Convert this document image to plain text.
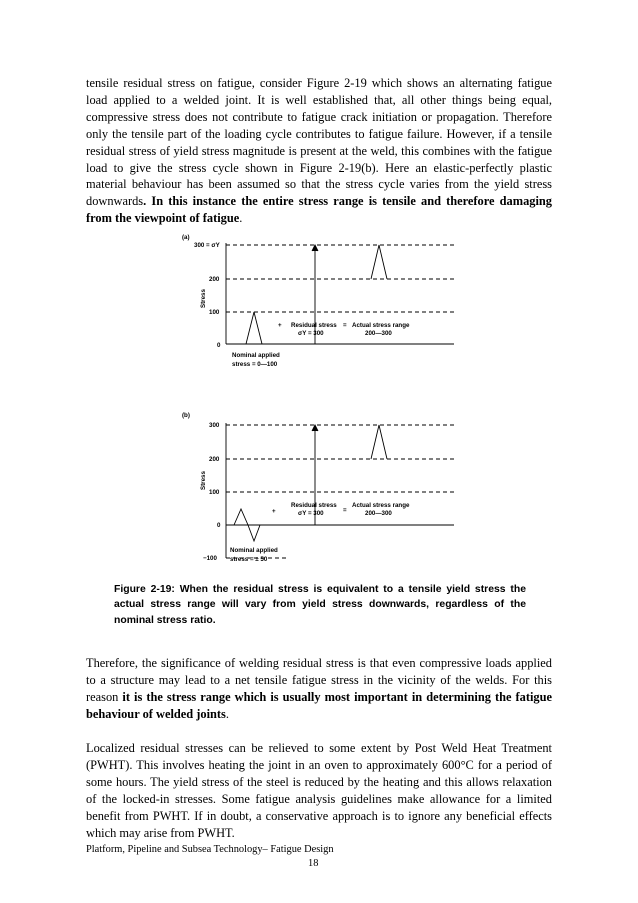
tensile residual stress on fatigue, consider Figure 2-19 which shows an alternating fatigue load applied to a welded joint. It is well established that, all other things being equal, compressive stress does not contribute to fatigue crack initiation or propagation. Therefore only the tensile part of the loading cycle contributes to fatigue failure. However, if a tensile residual stress of yield stress magnitude is present at the weld, this combines with the fatigue load to give the stress cycle shown in Figure 2-19(b). Here an elastic-perfectly plastic material behaviour has been assumed so that the stress cycle varies from the yield stress downwards. In this instance the entire stress range is tensile and therefore damaging from the viewpoint of fatigue.

(a)
300 = σY
200
100
0
Stress
Nominal applied
stress = 0—100
+ Residual stress
σY = 300
= Actual stress range
200—300
(b)
300
200
100
0
−100
Stress
Nominal applied
stress = ± 50
+
Residual stress
σY = 300	=
Actual stress range
200—300

Figure 2-19: When the residual stress is equivalent to a tensile yield stress the actual stress range will vary from yield stress downwards, regardless of the nominal stress ratio.

Therefore, the significance of welding residual stress is that even compressive loads applied to a structure may lead to a net tensile fatigue stress in the vicinity of the welds. For this reason it is the stress range which is usually most important in determining the fatigue behaviour of welded joints.

Localized residual stresses can be relieved to some extent by Post Weld Heat Treatment (PWHT). This involves heating the joint in an oven to approximately 600°C for a period of some hours. The yield stress of the steel is reduced by the heating and this allows relaxation of the locked-in stresses. Some fatigue analysis guidelines make allowance for a limited benefit from PWHT. If in doubt, a conservative approach is to ignore any beneficial effects which may arise from PWHT.

Platform, Pipeline and Subsea Technology– Fatigue Design
18
